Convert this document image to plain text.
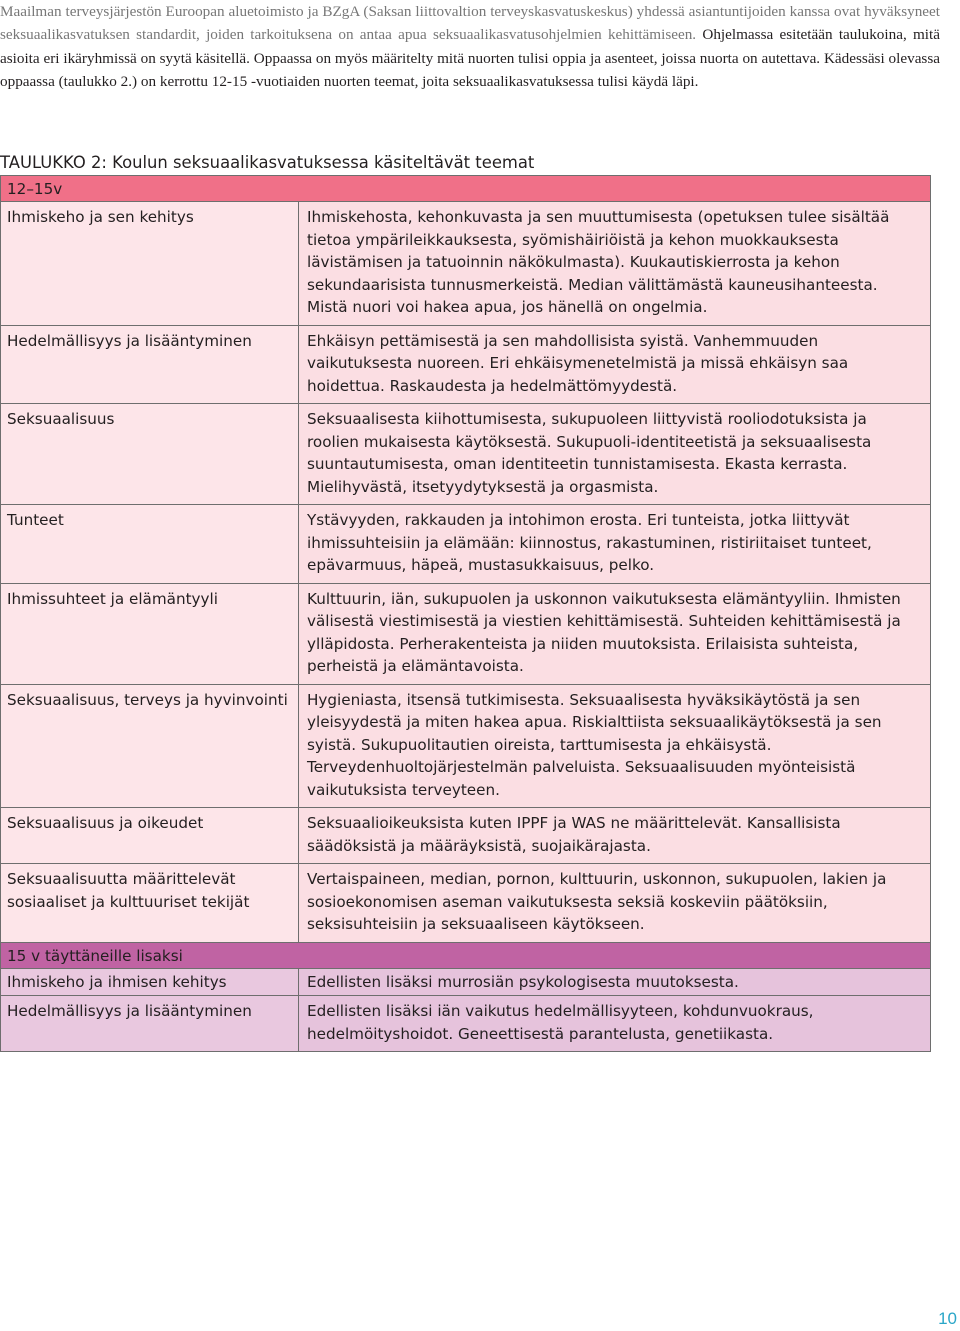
Maailman terveysjärjestön Euroopan aluetoimisto ja BZgA (Saksan liittovaltion terveyskasvatuskeskus) yhdessä asiantuntijoiden kanssa ovat hyväksyneet seksuaalikasvatuksen standardit, joiden tarkoituksena on antaa apua seksuaalikasvatusohjelmien kehittämiseen. Ohjelmassa esitetään taulukoina, mitä asioita eri ikäryhmissä on syytä käsitellä. Oppaassa on myös määritelty mitä nuorten tulisi oppia ja asenteet, joissa nuorta on autettava. Kädessäsi olevassa oppaassa (taulukko 2.) on kerrottu 12-15 -vuotiaiden nuorten teemat, joita seksuaalikasvatuksessa tulisi käydä läpi.
TAULUKKO 2: Koulun seksuaalikasvatuksessa käsiteltävät teemat
12–15v	
Ihmiskeho ja sen kehitys	Ihmiskehosta, kehonkuvasta ja sen muuttumisesta (opetuksen tulee sisältää tietoa ympärileikkauksesta, syömishäiriöistä ja kehon muokkauksesta lävistämisen ja tatuoinnin näkökulmasta). Kuukautiskierrosta ja kehon sekundaarisista tunnusmerkeistä. Median välittämästä kauneusihanteesta. Mistä nuori voi hakea apua, jos hänellä on ongelmia.
Hedelmällisyys ja lisääntyminen	Ehkäisyn pettämisestä ja sen mahdollisista syistä. Vanhemmuuden vaikutuksesta nuoreen. Eri ehkäisymenetelmistä ja missä ehkäisyn saa hoidettua. Raskaudesta ja hedelmättömyydestä.
Seksuaalisuus	Seksuaalisesta kiihottumisesta, sukupuoleen liittyvistä rooliodotuksista ja roolien mukaisesta käytöksestä. Sukupuoli-identiteetistä ja seksuaalisesta suuntautumisesta, oman identiteetin tunnistamisesta. Ekasta kerrasta. Mielihyvästä, itsetyydytyksestä ja orgasmista.
Tunteet	Ystävyyden, rakkauden ja intohimon erosta. Eri tunteista, jotka liittyvät ihmissuhteisiin ja elämään: kiinnostus, rakastuminen, ristiriitaiset tunteet, epävarmuus, häpeä, mustasukkaisuus, pelko.
Ihmissuhteet ja elämäntyyli	Kulttuurin, iän, sukupuolen ja uskonnon vaikutuksesta elämäntyyliin. Ihmisten välisestä viestimisestä ja viestien kehittämisestä. Suhteiden kehittämisestä ja ylläpidosta. Perherakenteista ja niiden muutoksista. Erilaisista suhteista, perheistä ja elämäntavoista.
Seksuaalisuus, terveys ja hyvinvointi	Hygieniasta, itsensä tutkimisesta. Seksuaalisesta hyväksikäytöstä ja sen yleisyydestä ja miten hakea apua. Riskialttiista seksuaalikäytöksestä ja sen syistä. Sukupuolitautien oireista, tarttumisesta ja ehkäisystä. Terveydenhuoltojärjestelmän palveluista. Seksuaalisuuden myönteisistä vaikutuksista terveyteen.
Seksuaalisuus ja oikeudet	Seksuaalioikeuksista kuten IPPF ja WAS ne määrittelevät. Kansallisista säädöksistä ja määräyksistä, suojaikärajasta.
Seksuaalisuutta määrittelevät sosiaaliset ja kulttuuriset tekijät	Vertaispaineen, median, pornon, kulttuurin, uskonnon, sukupuolen, lakien ja sosioekonomisen aseman vaikutuksesta seksiä koskeviin päätöksiin, seksisuhteisiin ja seksuaaliseen käytökseen.
15 v täyttäneille lisaksi	
Ihmiskeho ja ihmisen kehitys	Edellisten lisäksi murrosiän psykologisesta muutoksesta.
Hedelmällisyys ja lisääntyminen	Edellisten lisäksi iän vaikutus hedelmällisyyteen, kohdunvuokraus, hedelmöityshoidot. Geneettisestä parantelusta, genetiikasta.
10
